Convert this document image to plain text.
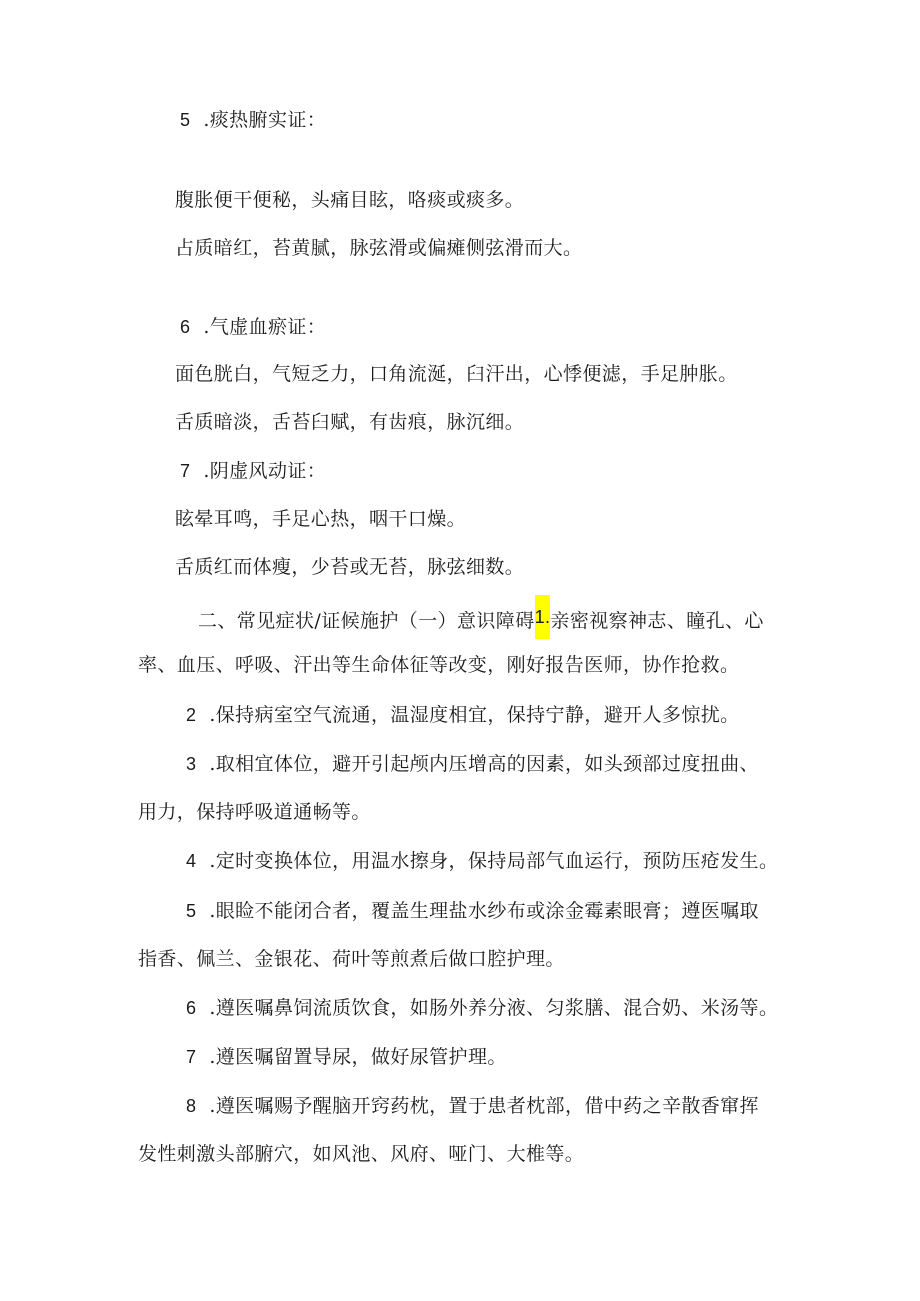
5 .痰热腑实证：
腹胀便干便秘，头痛目眩，咯痰或痰多。
占质暗红，苔黄腻，脉弦滑或偏瘫侧弦滑而大。
6 .气虚血瘀证：
面色胱白，气短乏力，口角流涎，臼汗出，心悸便滤，手足肿胀。
舌质暗淡，舌苔臼赋，有齿痕，脉沉细。
7 .阴虚风动证：
眩晕耳鸣，手足心热，咽干口燥。
舌质红而体瘦，少苔或无苔，脉弦细数。
二、常见症状/证候施护（一）意识障碍1.亲密视察神志、瞳孔、心
率、血压、呼吸、汗出等生命体征等改变，刚好报告医师，协作抢救。
2 .保持病室空气流通，温湿度相宜，保持宁静，避开人多惊扰。
3 .取相宜体位，避开引起颅内压增高的因素，如头颈部过度扭曲、
用力，保持呼吸道通畅等。
4 .定时变换体位，用温水擦身，保持局部气血运行，预防压疮发生。
5 .眼睑不能闭合者，覆盖生理盐水纱布或涂金霉素眼膏；遵医嘱取
指香、佩兰、金银花、荷叶等煎煮后做口腔护理。
6 .遵医嘱鼻饲流质饮食，如肠外养分液、匀浆膳、混合奶、米汤等。
7 .遵医嘱留置导尿，做好尿管护理。
8 .遵医嘱赐予醒脑开窍药枕，置于患者枕部，借中药之辛散香窜挥
发性刺激头部腑穴，如风池、风府、哑门、大椎等。
